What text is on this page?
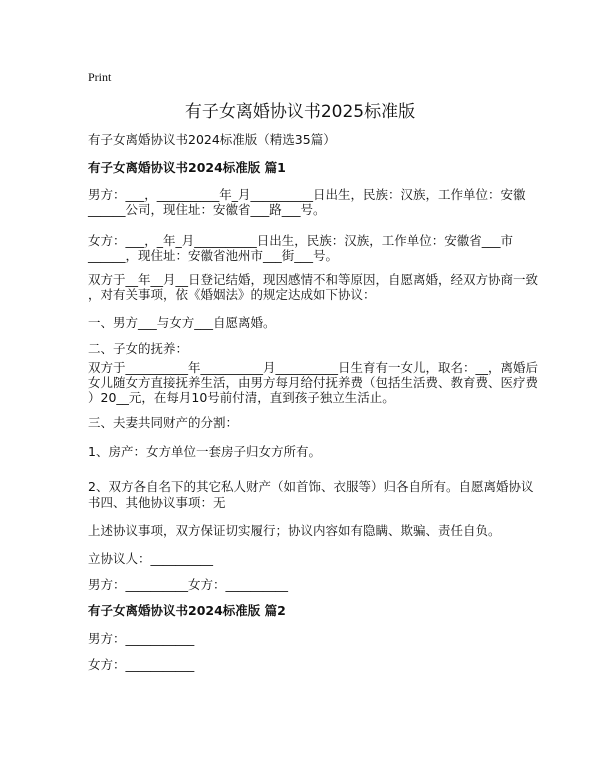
Print
有子女离婚协议书2025标准版
有子女离婚协议书2024标准版（精选35篇）
有子女离婚协议书2024标准版 篇1
男方：___，__________年_月__________日出生，民族：汉族，工作单位：安徽
______公司，现住址：安徽省___路___号。
女方：___，_年_月__________日出生，民族：汉族，工作单位：安徽省___市
______，现住址：安徽省池州市___街___号。
双方于__年__月__日登记结婚，现因感情不和等原因，自愿离婚，经双方协商一致
，对有关事项，依《婚姻法》的规定达成如下协议：
一、男方___与女方___自愿离婚。
二、子女的抚养：
双方于__________年__________月__________日生育有一女儿，取名：__，离婚后
女儿随女方直接抚养生活，由男方每月给付抚养费（包括生活费、教育费、医疗费
）20__元，在每月10号前付清，直到孩子独立生活止。
三、夫妻共同财产的分割：
1、房产：女方单位一套房子归女方所有。
2、双方各自名下的其它私人财产（如首饰、衣服等）归各自所有。自愿离婚协议
书四、其他协议事项：无
上述协议事项，双方保证切实履行；协议内容如有隐瞒、欺骗、责任自负。
立协议人：__________
男方：__________女方：__________
有子女离婚协议书2024标准版 篇2
男方：___________
女方：___________
